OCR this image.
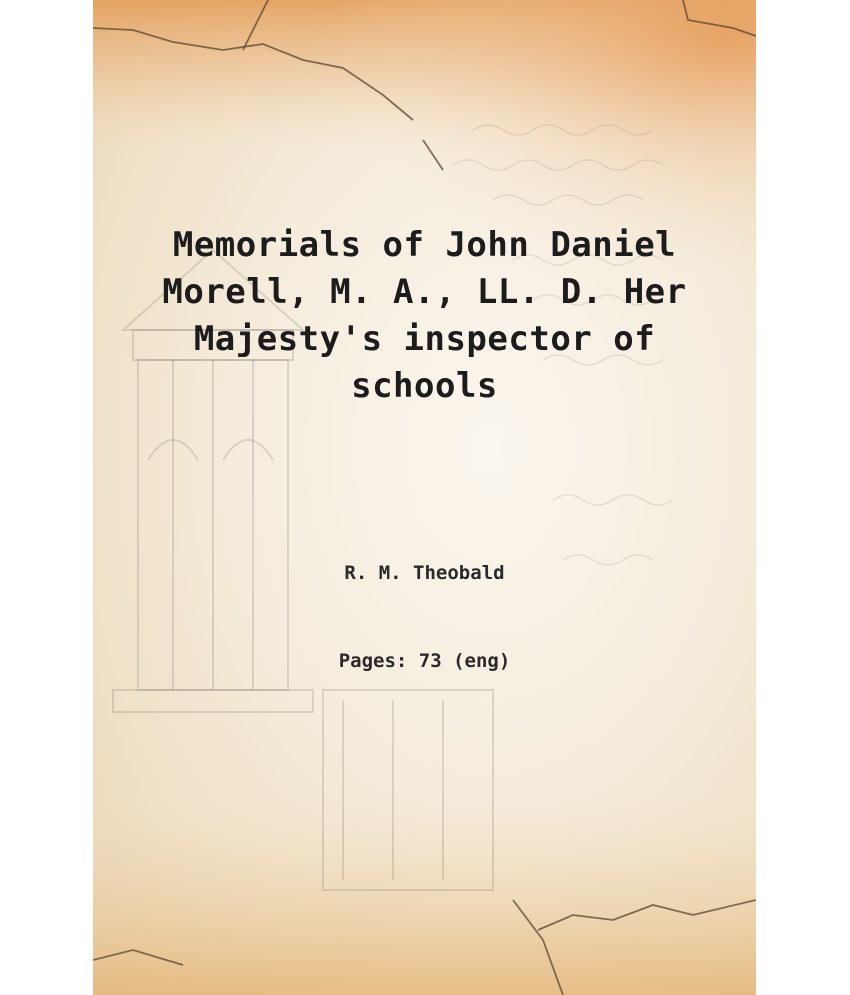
Memorials of John Daniel Morell, M. A., LL. D. Her Majesty's inspector of schools
R. M. Theobald
Pages: 73 (eng)
